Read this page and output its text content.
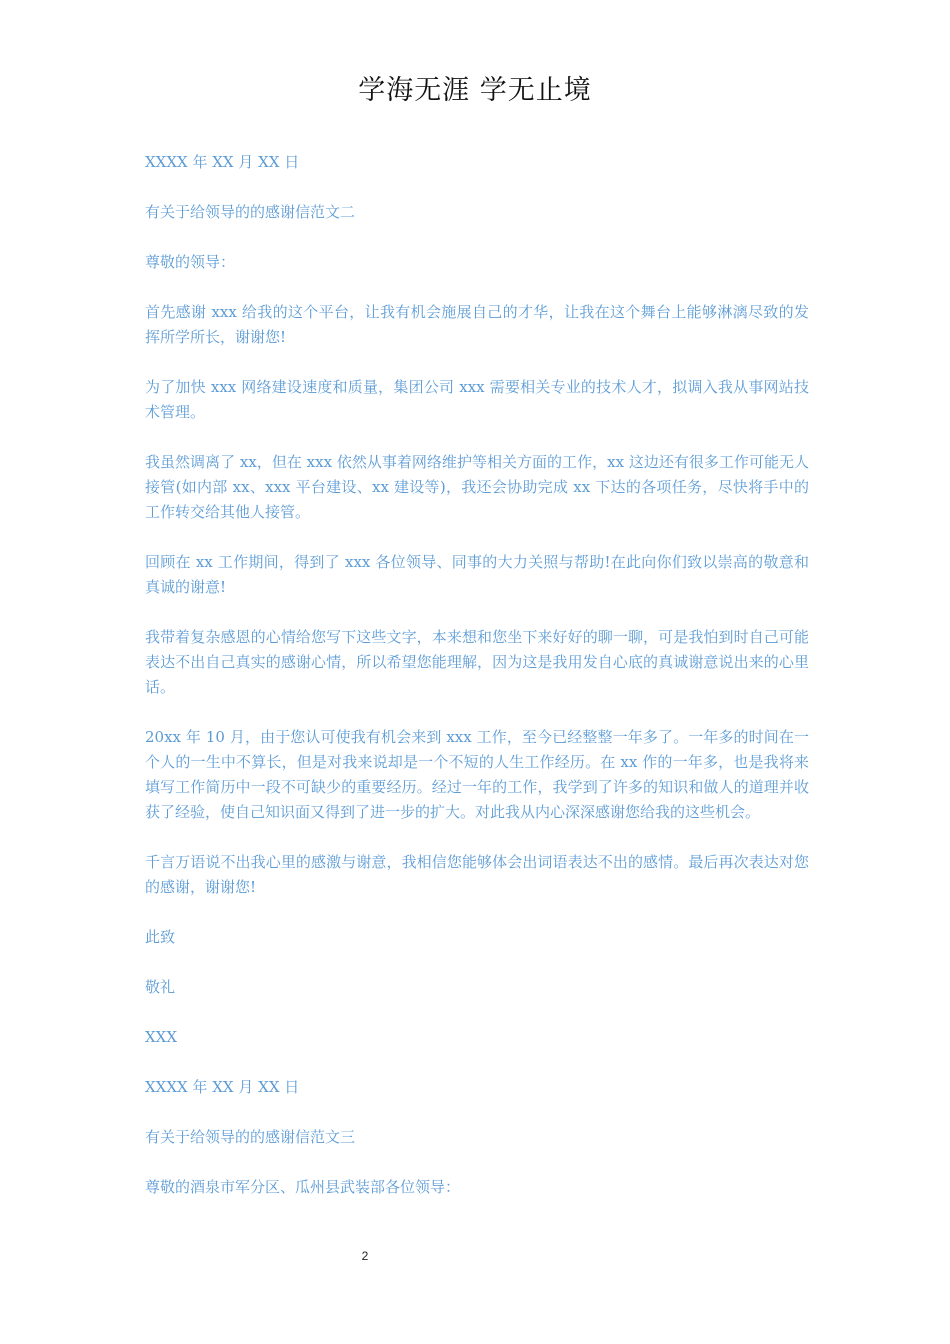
学海无涯 学无止境

XXXX 年 XX 月 XX 日

有关于给领导的的感谢信范文二

尊敬的领导：

首先感谢 xxx 给我的这个平台，让我有机会施展自己的才华，让我在这个舞台上能够淋漓尽致的发挥所学所长，谢谢您!

为了加快 xxx 网络建设速度和质量，集团公司 xxx 需要相关专业的技术人才，拟调入我从事网站技术管理。

我虽然调离了 xx，但在 xxx 依然从事着网络维护等相关方面的工作，xx 这边还有很多工作可能无人接管(如内部 xx、xxx 平台建设、xx 建设等)，我还会协助完成 xx 下达的各项任务，尽快将手中的工作转交给其他人接管。

回顾在 xx 工作期间，得到了 xxx 各位领导、同事的大力关照与帮助!在此向你们致以崇高的敬意和真诚的谢意!

我带着复杂感恩的心情给您写下这些文字，本来想和您坐下来好好的聊一聊，可是我怕到时自己可能表达不出自己真实的感谢心情，所以希望您能理解，因为这是我用发自心底的真诚谢意说出来的心里话。

20xx 年 10 月，由于您认可使我有机会来到 xxx 工作，至今已经整整一年多了。一年多的时间在一个人的一生中不算长，但是对我来说却是一个不短的人生工作经历。在 xx 作的一年多，也是我将来填写工作简历中一段不可缺少的重要经历。经过一年的工作，我学到了许多的知识和做人的道理并收获了经验，使自己知识面又得到了进一步的扩大。对此我从内心深深感谢您给我的这些机会。

千言万语说不出我心里的感激与谢意，我相信您能够体会出词语表达不出的感情。最后再次表达对您的感谢，谢谢您!

此致

敬礼

XXX

XXXX 年 XX 月 XX 日

有关于给领导的的感谢信范文三

尊敬的酒泉市军分区、瓜州县武装部各位领导：

2
